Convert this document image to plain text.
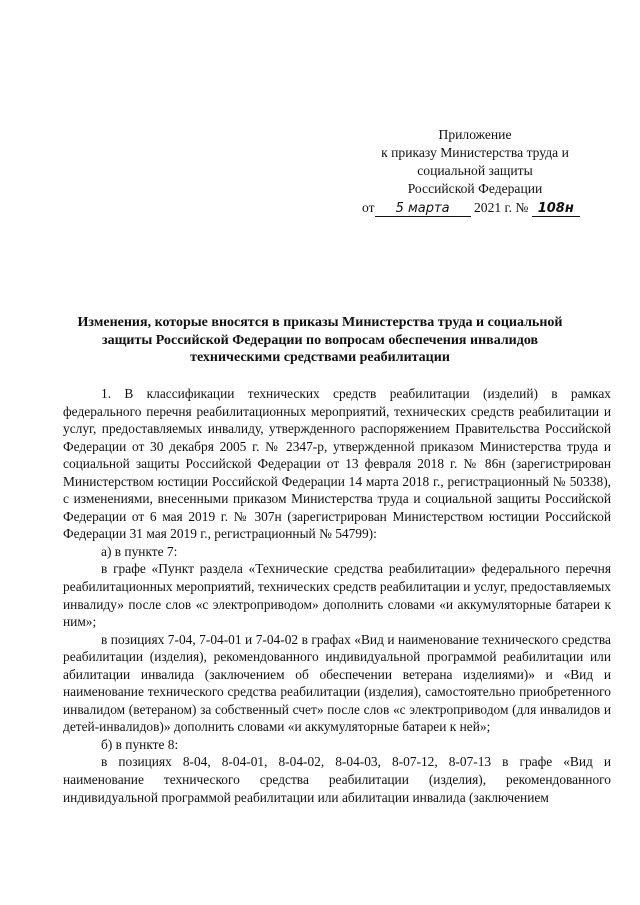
Приложение
к приказу Министерства труда и
социальной защиты
Российской Федерации
от 5 марта 2021 г. № 108н
Изменения, которые вносятся в приказы Министерства труда и социальной защиты Российской Федерации по вопросам обеспечения инвалидов техническими средствами реабилитации

1. В классификации технических средств реабилитации (изделий) в рамках федерального перечня реабилитационных мероприятий, технических средств реабилитации и услуг, предоставляемых инвалиду, утвержденного распоряжением Правительства Российской Федерации от 30 декабря 2005 г. № 2347-р, утвержденной приказом Министерства труда и социальной защиты Российской Федерации от 13 февраля 2018 г. № 86н (зарегистрирован Министерством юстиции Российской Федерации 14 марта 2018 г., регистрационный № 50338), с изменениями, внесенными приказом Министерства труда и социальной защиты Российской Федерации от 6 мая 2019 г. № 307н (зарегистрирован Министерством юстиции Российской Федерации 31 мая 2019 г., регистрационный № 54799):

а) в пункте 7:

в графе «Пункт раздела «Технические средства реабилитации» федерального перечня реабилитационных мероприятий, технических средств реабилитации и услуг, предоставляемых инвалиду» после слов «с электроприводом» дополнить словами «и аккумуляторные батареи к ним»;

в позициях 7-04, 7-04-01 и 7-04-02 в графах «Вид и наименование технического средства реабилитации (изделия), рекомендованного индивидуальной программой реабилитации или абилитации инвалида (заключением об обеспечении ветерана изделиями)» и «Вид и наименование технического средства реабилитации (изделия), самостоятельно приобретенного инвалидом (ветераном) за собственный счет» после слов «с электроприводом (для инвалидов и детей-инвалидов)» дополнить словами «и аккумуляторные батареи к ней»;

б) в пункте 8:

в позициях 8-04, 8-04-01, 8-04-02, 8-04-03, 8-07-12, 8-07-13 в графе «Вид и наименование технического средства реабилитации (изделия), рекомендованного индивидуальной программой реабилитации или абилитации инвалида (заключением
